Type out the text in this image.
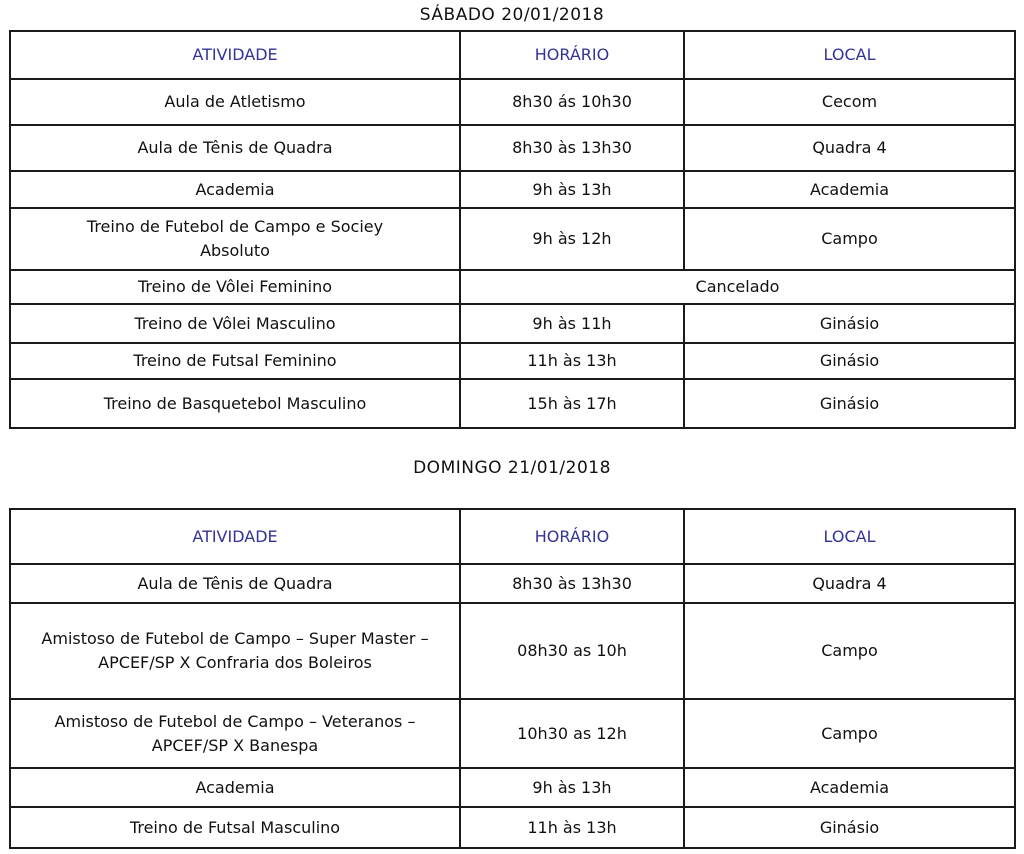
SÁBADO 20/01/2018
ATIVIDADE	HORÁRIO	LOCAL
Aula de Atletismo	8h30 ás 10h30	Cecom
Aula de Tênis de Quadra	8h30 às 13h30	Quadra 4
Academia	9h às 13h	Academia
Treino de Futebol de Campo e Sociey Absoluto	9h às 12h	Campo
Treino de Vôlei Feminino	Cancelado	
Treino de Vôlei Masculino	9h às 11h	Ginásio
Treino de Futsal Feminino	11h às 13h	Ginásio
Treino de Basquetebol Masculino	15h às 17h	Ginásio
DOMINGO 21/01/2018
ATIVIDADE	HORÁRIO	LOCAL
Aula de Tênis de Quadra	8h30 às 13h30	Quadra 4
Amistoso de Futebol de Campo – Super Master – APCEF/SP X Confraria dos Boleiros	08h30 as 10h	Campo
Amistoso de Futebol de Campo – Veteranos – APCEF/SP X Banespa	10h30 as 12h	Campo
Academia	9h às 13h	Academia
Treino de Futsal Masculino	11h às 13h	Ginásio
